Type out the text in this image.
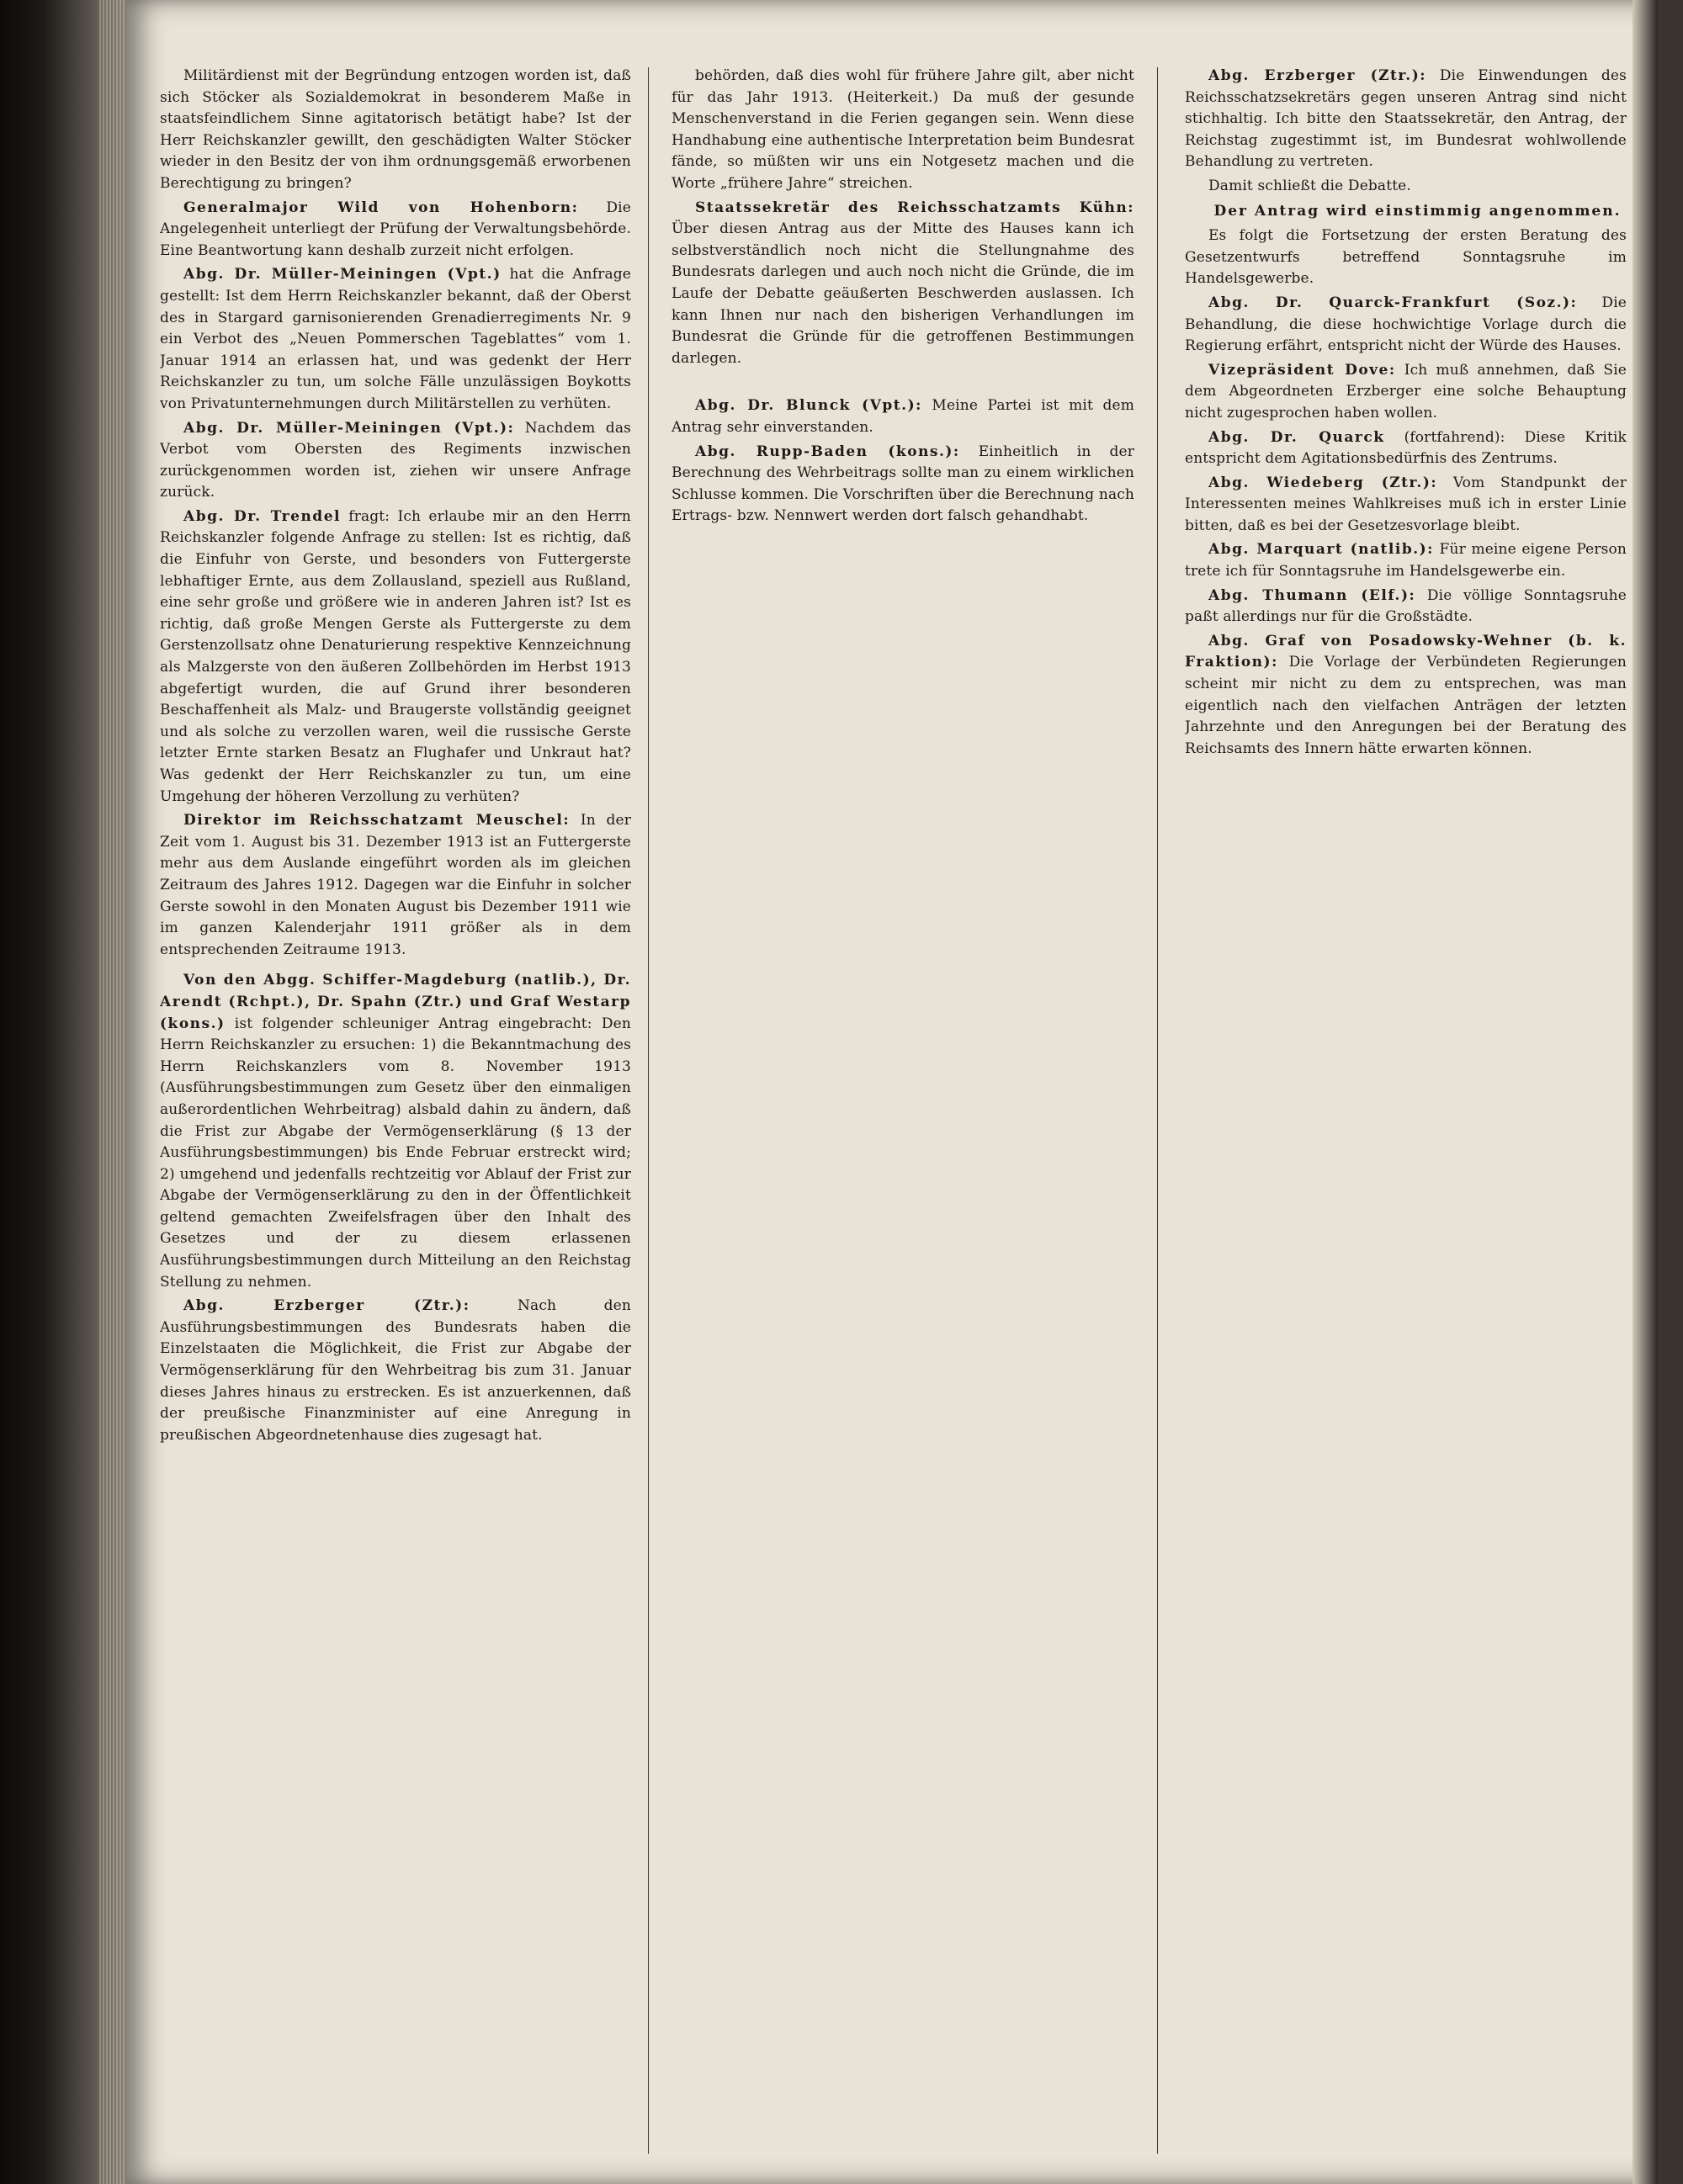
Militärdienst mit der Begründung entzogen worden ist, daß sich Stöcker als Sozialdemokrat in besonderem Maße in staatsfeindlichem Sinne agitatorisch betätigt habe? Ist der Herr Reichskanzler gewillt, den geschädigten Walter Stöcker wieder in den Besitz der von ihm ordnungsgemäß erworbenen Berechtigung zu bringen?

Generalmajor Wild von Hohenborn: Die Angelegenheit unterliegt der Prüfung der Verwaltungsbehörde. Eine Beantwortung kann deshalb zurzeit nicht erfolgen.

Abg. Dr. Müller-Meiningen (Vpt.) hat die Anfrage gestellt: Ist dem Herrn Reichskanzler bekannt, daß der Oberst des in Stargard garnisonierenden Grenadierregiments Nr. 9 ein Verbot des „Neuen Pommerschen Tageblattes“ vom 1. Januar 1914 an erlassen hat, und was gedenkt der Herr Reichskanzler zu tun, um solche Fälle unzulässigen Boykotts von Privatunternehmungen durch Militärstellen zu verhüten.

Abg. Dr. Müller-Meiningen (Vpt.): Nachdem das Verbot vom Obersten des Regiments inzwischen zurückgenommen worden ist, ziehen wir unsere Anfrage zurück.

Abg. Dr. Trendel fragt: Ich erlaube mir an den Herrn Reichskanzler folgende Anfrage zu stellen: Ist es richtig, daß die Einfuhr von Gerste, und besonders von Futtergerste lebhaftiger Ernte, aus dem Zollausland, speziell aus Rußland, eine sehr große und größere wie in anderen Jahren ist? Ist es richtig, daß große Mengen Gerste als Futtergerste zu dem Gerstenzollsatz ohne Denaturierung respektive Kennzeichnung als Malzgerste von den äußeren Zollbehörden im Herbst 1913 abgefertigt wurden, die auf Grund ihrer besonderen Beschaffenheit als Malz- und Braugerste vollständig geeignet und als solche zu verzollen waren, weil die russische Gerste letzter Ernte starken Besatz an Flughafer und Unkraut hat? Was gedenkt der Herr Reichskanzler zu tun, um eine Umgehung der höheren Verzollung zu verhüten?

Direktor im Reichsschatzamt Meuschel: In der Zeit vom 1. August bis 31. Dezember 1913 ist an Futtergerste mehr aus dem Auslande eingeführt worden als im gleichen Zeitraum des Jahres 1912. Dagegen war die Einfuhr in solcher Gerste sowohl in den Monaten August bis Dezember 1911 wie im ganzen Kalenderjahr 1911 größer als in dem entsprechenden Zeitraume 1913.

Von den Abgg. Schiffer-Magdeburg (natlib.), Dr. Arendt (Rchpt.), Dr. Spahn (Ztr.) und Graf Westarp (kons.) ist folgender schleuniger Antrag eingebracht: Den Herrn Reichskanzler zu ersuchen: 1) die Bekanntmachung des Herrn Reichskanzlers vom 8. November 1913 (Ausführungsbestimmungen zum Gesetz über den einmaligen außerordentlichen Wehrbeitrag) alsbald dahin zu ändern, daß die Frist zur Abgabe der Vermögenserklärung (§ 13 der Ausführungsbestimmungen) bis Ende Februar erstreckt wird; 2) umgehend und jedenfalls rechtzeitig vor Ablauf der Frist zur Abgabe der Vermögenserklärung zu den in der Öffentlichkeit geltend gemachten Zweifelsfragen über den Inhalt des Gesetzes und der zu diesem erlassenen Ausführungsbestimmungen durch Mitteilung an den Reichstag Stellung zu nehmen.

Abg. Erzberger (Ztr.):	Nach den Ausführungsbestimmungen des Bundesrats haben die Einzelstaaten die Möglichkeit, die Frist zur Abgabe der Vermögenserklärung für den Wehrbeitrag bis zum 31. Januar dieses Jahres hinaus zu erstrecken. Es ist anzuerkennen, daß der preußische Finanzminister auf eine Anregung in preußischen Abgeordnetenhause dies zugesagt hat.

behörden, daß dies wohl für frühere Jahre gilt, aber nicht für das Jahr 1913. (Heiterkeit.) Da muß der gesunde Menschenverstand in die Ferien gegangen sein. Wenn diese Handhabung eine authentische Interpretation beim Bundesrat fände, so müßten wir uns ein Notgesetz machen und die Worte „frühere Jahre“ streichen.

Staatssekretär des Reichsschatzamts Kühn: Über diesen Antrag aus der Mitte des Hauses kann ich selbstverständlich noch nicht die Stellungnahme des Bundesrats darlegen und auch noch nicht die Gründe, die im Laufe der Debatte geäußerten Beschwerden auslassen. Ich kann Ihnen nur nach den bisherigen Verhandlungen im Bundesrat die Gründe für die getroffenen Bestimmungen darlegen.

Abg. Dr. Blunck (Vpt.): Meine Partei ist mit dem Antrag sehr einverstanden.

Abg. Rupp-Baden (kons.): Einheitlich in der Berechnung des Wehrbeitrags sollte man zu einem wirklichen Schlusse kommen. Die Vorschriften über die Berechnung nach Ertrags- bzw. Nennwert werden dort falsch gehandhabt.

Abg. Erzberger (Ztr.): Die Einwendungen des Reichsschatzsekretärs gegen unseren Antrag sind nicht stichhaltig. Ich bitte den Staatssekretär, den Antrag, der Reichstag zugestimmt ist, im Bundesrat wohlwollende Behandlung zu vertreten.

Damit schließt die Debatte.

Der Antrag wird einstimmig angenommen.

Es folgt die Fortsetzung der ersten Beratung des Gesetzentwurfs betreffend Sonntagsruhe im Handelsgewerbe.

Abg. Dr. Quarck-Frankfurt (Soz.): Die Behandlung, die diese hochwichtige Vorlage durch die Regierung erfährt, entspricht nicht der Würde des Hauses.

Vizepräsident Dove: Ich muß annehmen, daß Sie dem Abgeordneten Erzberger eine solche Behauptung nicht zugesprochen haben wollen.

Abg. Dr. Quarck (fortfahrend): Diese Kritik entspricht dem Agitationsbedürfnis des Zentrums.

Abg. Wiedeberg (Ztr.): Vom Standpunkt der Interessenten meines Wahlkreises muß ich in erster Linie bitten, daß es bei der Gesetzesvorlage bleibt.

Abg. Marquart (natlib.): Für meine eigene Person trete ich für Sonntagsruhe im Handelsgewerbe ein.

Abg. Thumann (Elf.): Die völlige Sonntagsruhe paßt allerdings nur für die Großstädte.

Abg. Graf von Posadowsky-Wehner (b. k. Fraktion): Die Vorlage der Verbündeten Regierungen scheint mir nicht zu dem zu entsprechen, was man eigentlich nach den vielfachen Anträgen der letzten Jahrzehnte und den Anregungen bei der Beratung des Reichsamts des Innern hätte erwarten können.
